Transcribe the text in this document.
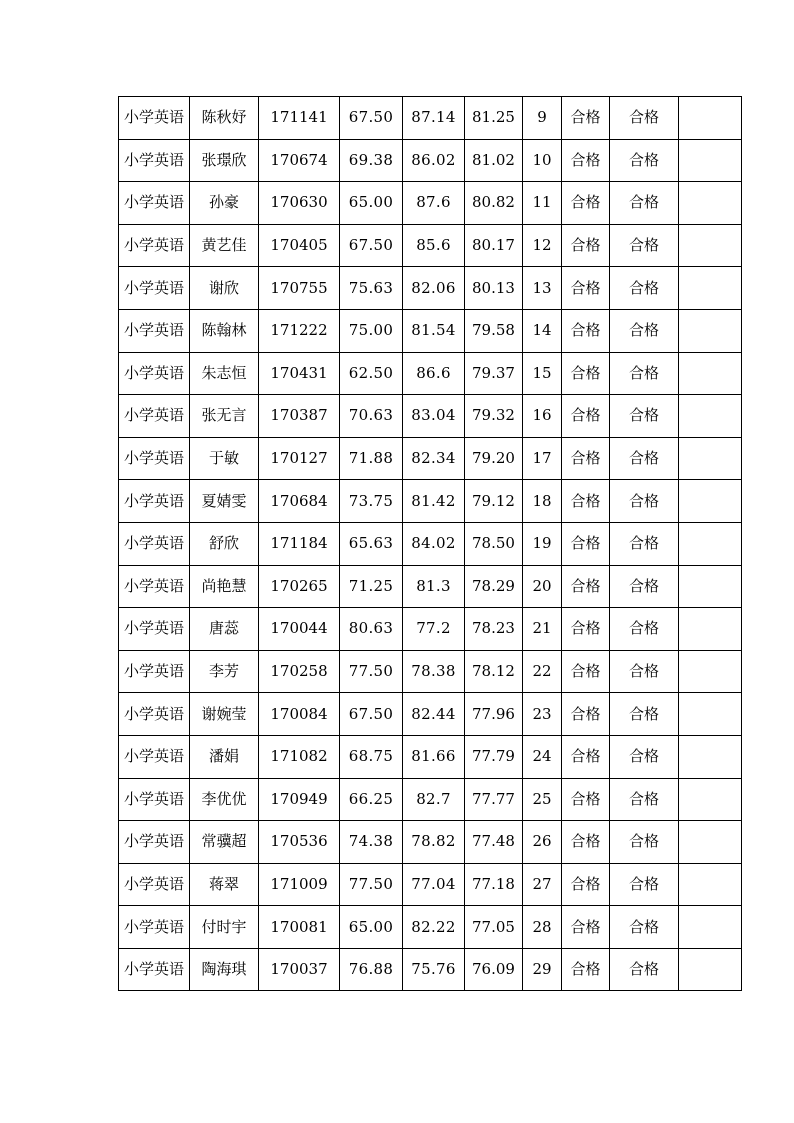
小学英语	陈秋妤	171141	67.50	87.14	81.25	9	合格	合格	
小学英语	张璟欣	170674	69.38	86.02	81.02	10	合格	合格	
小学英语	孙豪	170630	65.00	87.6	80.82	11	合格	合格	
小学英语	黄艺佳	170405	67.50	85.6	80.17	12	合格	合格	
小学英语	谢欣	170755	75.63	82.06	80.13	13	合格	合格	
小学英语	陈翰林	171222	75.00	81.54	79.58	14	合格	合格	
小学英语	朱志恒	170431	62.50	86.6	79.37	15	合格	合格	
小学英语	张无言	170387	70.63	83.04	79.32	16	合格	合格	
小学英语	于敏	170127	71.88	82.34	79.20	17	合格	合格	
小学英语	夏婧雯	170684	73.75	81.42	79.12	18	合格	合格	
小学英语	舒欣	171184	65.63	84.02	78.50	19	合格	合格	
小学英语	尚艳慧	170265	71.25	81.3	78.29	20	合格	合格	
小学英语	唐蕊	170044	80.63	77.2	78.23	21	合格	合格	
小学英语	李芳	170258	77.50	78.38	78.12	22	合格	合格	
小学英语	谢婉莹	170084	67.50	82.44	77.96	23	合格	合格	
小学英语	潘娟	171082	68.75	81.66	77.79	24	合格	合格	
小学英语	李优优	170949	66.25	82.7	77.77	25	合格	合格	
小学英语	常骥超	170536	74.38	78.82	77.48	26	合格	合格	
小学英语	蒋翠	171009	77.50	77.04	77.18	27	合格	合格	
小学英语	付时宇	170081	65.00	82.22	77.05	28	合格	合格	
小学英语	陶海琪	170037	76.88	75.76	76.09	29	合格	合格	
